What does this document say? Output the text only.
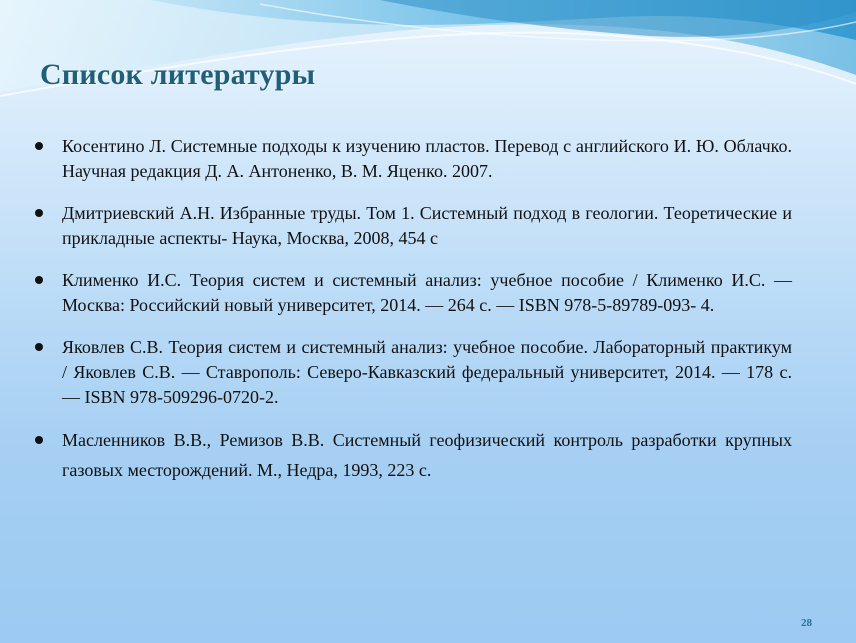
Список литературы
Косентино Л. Системные подходы к изучению пластов. Перевод с английского И. Ю. Облачко. Научная редакция Д. А. Антоненко, В. М. Яценко. 2007.
Дмитриевский А.Н. Избранные труды. Том 1. Системный подход в геологии. Теоретические и прикладные аспекты- Наука, Москва, 2008, 454 с
Клименко И.С. Теория систем и системный анализ: учебное пособие / Клименко И.С. — Москва: Российский новый университет, 2014. — 264 с. — ISBN 978-5-89789-093- 4.
Яковлев С.В. Теория систем и системный анализ: учебное пособие. Лабораторный практикум / Яковлев С.В. — Ставрополь: Северо-Кавказский федеральный университет, 2014. — 178 с. — ISBN 978-509296-0720-2.
Масленников В.В., Ремизов В.В. Системный геофизический контроль разработки крупных газовых месторождений. М., Недра, 1993, 223 с.
28
